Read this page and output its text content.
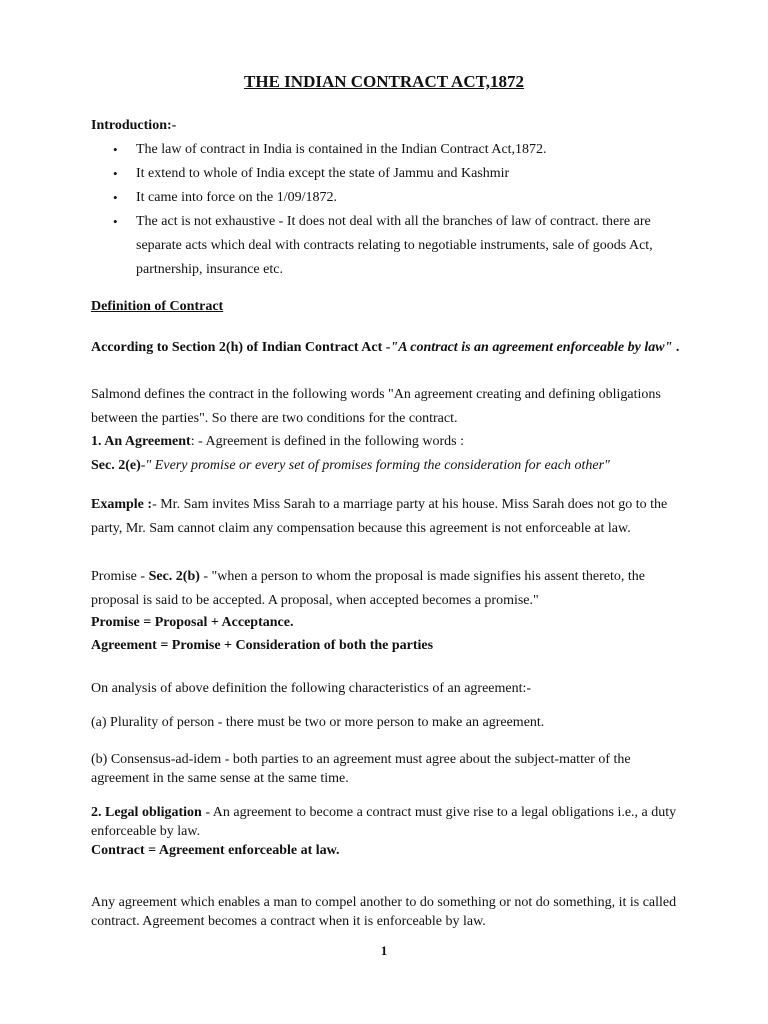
THE INDIAN CONTRACT ACT,1872
Introduction:-
• The law of contract in India is contained in the Indian Contract Act,1872.
• It extend to whole of India except the state of Jammu and Kashmir
• It came into force on the 1/09/1872.
• The act is not exhaustive - It does not deal with all the branches of law of contract. there are separate acts which deal with contracts relating to negotiable instruments, sale of goods Act, partnership, insurance etc.
Definition of Contract
According to Section 2(h) of Indian Contract Act -"A contract is an agreement enforceable by law" .
Salmond defines the contract in the following words "An agreement creating and defining obligations between the parties". So there are two conditions for the contract.
1. An Agreement: - Agreement is defined in the following words :
Sec. 2(e)-" Every promise or every set of promises forming the consideration for each other"
Example :- Mr. Sam invites Miss Sarah to a marriage party at his house. Miss Sarah does not go to the party, Mr. Sam cannot claim any compensation because this agreement is not enforceable at law.
Promise - Sec. 2(b) - "when a person to whom the proposal is made signifies his assent thereto, the proposal is said to be accepted. A proposal, when accepted becomes a promise."
Promise = Proposal + Acceptance.
Agreement = Promise + Consideration of both the parties
On analysis of above definition the following characteristics of an agreement:-
(a) Plurality of person - there must be two or more person to make an agreement.
(b) Consensus-ad-idem - both parties to an agreement must agree about the subject-matter of the agreement in the same sense at the same time.
2. Legal obligation - An agreement to become a contract must give rise to a legal obligations i.e., a duty enforceable by law.
Contract = Agreement enforceable at law.
Any agreement which enables a man to compel another to do something or not do something, it is called contract. Agreement becomes a contract when it is enforceable by law.
1
